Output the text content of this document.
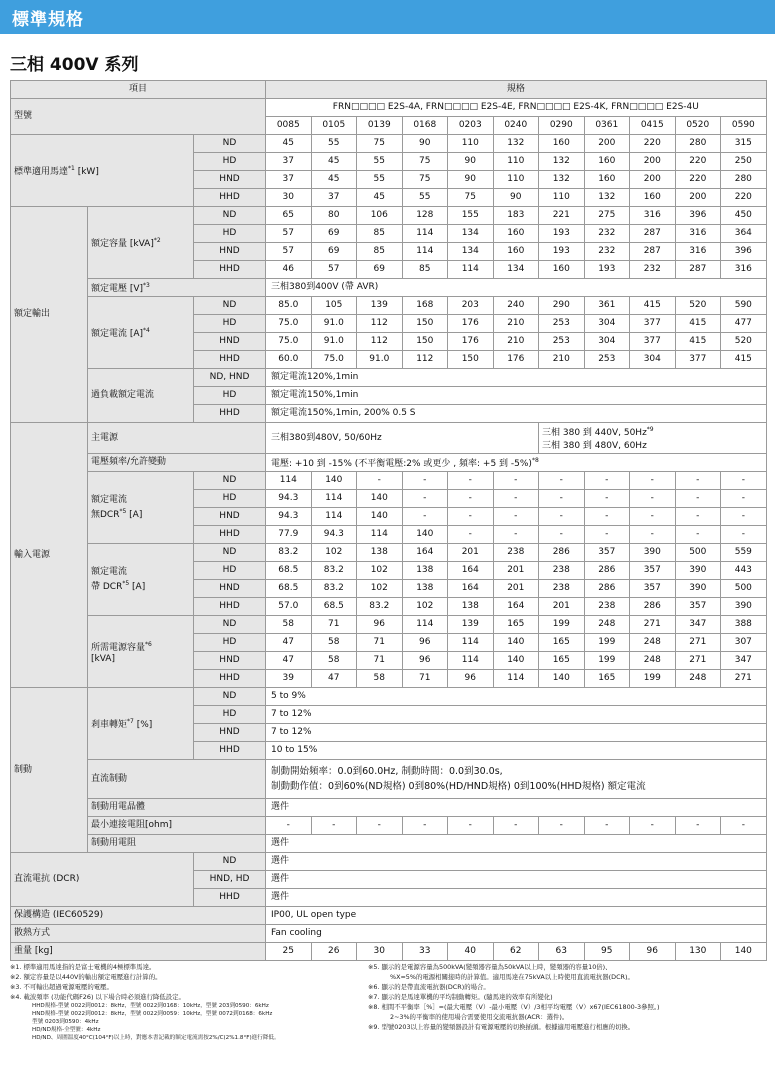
標準規格
三相 400V 系列
項目			規格										
型號			FRN□□□□ E2S-4A, FRN□□□□ E2S-4E, FRN□□□□ E2S-4K, FRN□□□□ E2S-4U										
			0085	0105	0139	0168	0203	0240	0290	0361	0415	0520	0590
標準適用馬達$^{*1}$ [kW]		ND	45	55	75	90	110	132	160	200	220	280	315
		HD	37	45	55	75	90	110	132	160	200	220	250
		HND	37	45	55	75	90	110	132	160	200	220	280
		HHD	30	37	45	55	75	90	110	132	160	200	220
額定輸出	額定容量 [kVA]$^{*2}$	ND	65	80	106	128	155	183	221	275	316	396	450
		HD	57	69	85	114	134	160	193	232	287	316	364
		HND	57	69	85	114	134	160	193	232	287	316	396
		HHD	46	57	69	85	114	134	160	193	232	287	316
	額定電壓 $[V]^{*3}$		三相380到400V (帶 AVR)										
	額定電流 $[A]^{*4}$	ND	85.0	105	139	168	203	240	290	361	415	520	590
		HD	75.0	91.0	112	150	176	210	253	304	377	415	477
		HND	75.0	91.0	112	150	176	210	253	304	377	415	520
		HHD	60.0	75.0	91.0	112	150	176	210	253	304	377	415
	過負載額定電流	ND, HND	額定電流120%,1min										
		HD	額定電流150%,1min										
		HHD	額定電流150%,1min, 200% 0.5 S										
輸入電源	主電源		三相380到480V, 50/60Hz						三相 380 到 440V, 50Hz$^{*9}$
三相 380 到 480V, 60Hz				

	電壓頻率/允許變動		電壓: +10 到 -15% (不平衡電壓:2% 或更少 , 頻率: +5 到 -5%)$^{*8}$

	額定電流
無DCR$^{*5}$ [A]	ND	114	140	-	-	-	-	-	-	-	-	-
		HD	94.3	114	140	-	-	-	-	-	-	-	-
		HND	94.3	114	140	-	-	-	-	-	-	-	-
		HHD	77.9	94.3	114	140	-	-	-	-	-	-	-

	額定電流
帶 DCR$^{*5}$ [A]	ND	83.2	102	138	164	201	238	286	357	390	500	559
		HD	68.5	83.2	102	138	164	201	238	286	357	390	443
		HND	68.5	83.2	102	138	164	201	238	286	357	390	500
		HHD	57.0	68.5	83.2	102	138	164	201	238	286	357	390

	所需電源容量$^{*6}$
[kVA]	ND	58	71	96	114	139	165	199	248	271	347	388
		HD	47	58	71	96	114	140	165	199	248	271	307
		HND	47	58	71	96	114	140	165	199	248	271	347
		HHD	39	47	58	71	96	114	140	165	199	248	271
制動	剎車轉矩$^{*7}$ [%]	ND	5 to 9%										
		HD	7 to 12%										
		HND	7 to 12%										
		HHD	10 to 15%										
	直流制動		制動開始頻率：0.0到60.0Hz, 制動時間：0.0到30.0s,
制動動作值：0到60%(ND規格) 0到80%(HD/HND規格) 0到100%(HHD規格) 額定電流										

	制動用電晶體		選件										
	最小連接電阻[ohm]		-	-	-	-	-	-	-	-	-	-	-
	制動用電阻		選件										
直流電抗 (DCR)		ND	選件										
		HND, HD	選件										
		HHD	選件										
保護構造 (IEC60529)			IP00, UL open type										
散熱方式			Fan cooling										
重量 [kg]			25	26	30	33	40	62	63	95	96	130	140
※1. 標準適用馬達指的是富士電機的4極標準馬達。
※2. 額定容量是以440V的輸出額定電壓進行計算的。
※3. 不可輸出超過電源電壓的電壓。
※4. 載波頻率 (功能代碼F26) 以下場合時必須進行降低設定。
HHD規格-型號 0022到0012：8kHz，型號 0022到0168：10kHz，型號 203到0590：6kHz
HND規格-型號 0022到0012：8kHz，型號 0022到0059：10kHz，型號 0072到0168：6kHz
型號 0203到0590：4kHz
HD/ND規格-全型號：4kHz
HD/ND、周圍溫度40°C(104°F)以上時，對應本書記載的額定電流需按2%/C(2%1.8°F)進行降低。
※5. 顯示的是電源容量為500kVA(變頻器容量為50kVA以上時，變頻器的容量10倍)、
%X=5%的電源相關接時的計算值。適用馬達在75kVA以上時使用直流電抗器(DCR)。
※6. 顯示的是帶直流電抗器(DCR)的場合。
※7. 顯示的是馬達單機的平均制動轉矩。(隨馬達的效率有所變化)
※8. 相間不平衡率［%］=(最大電壓（V）-最小電壓（V）/3相平均電壓（V）x67(IEC61800-3參照。)
2~3%的平衡率的使用場合需要使用交流電抗器(ACR：選件)。
※9. 型號0203以上容量的變頻器設計有電源電壓的切換插頭。根據適用電壓進行相應的切換。
